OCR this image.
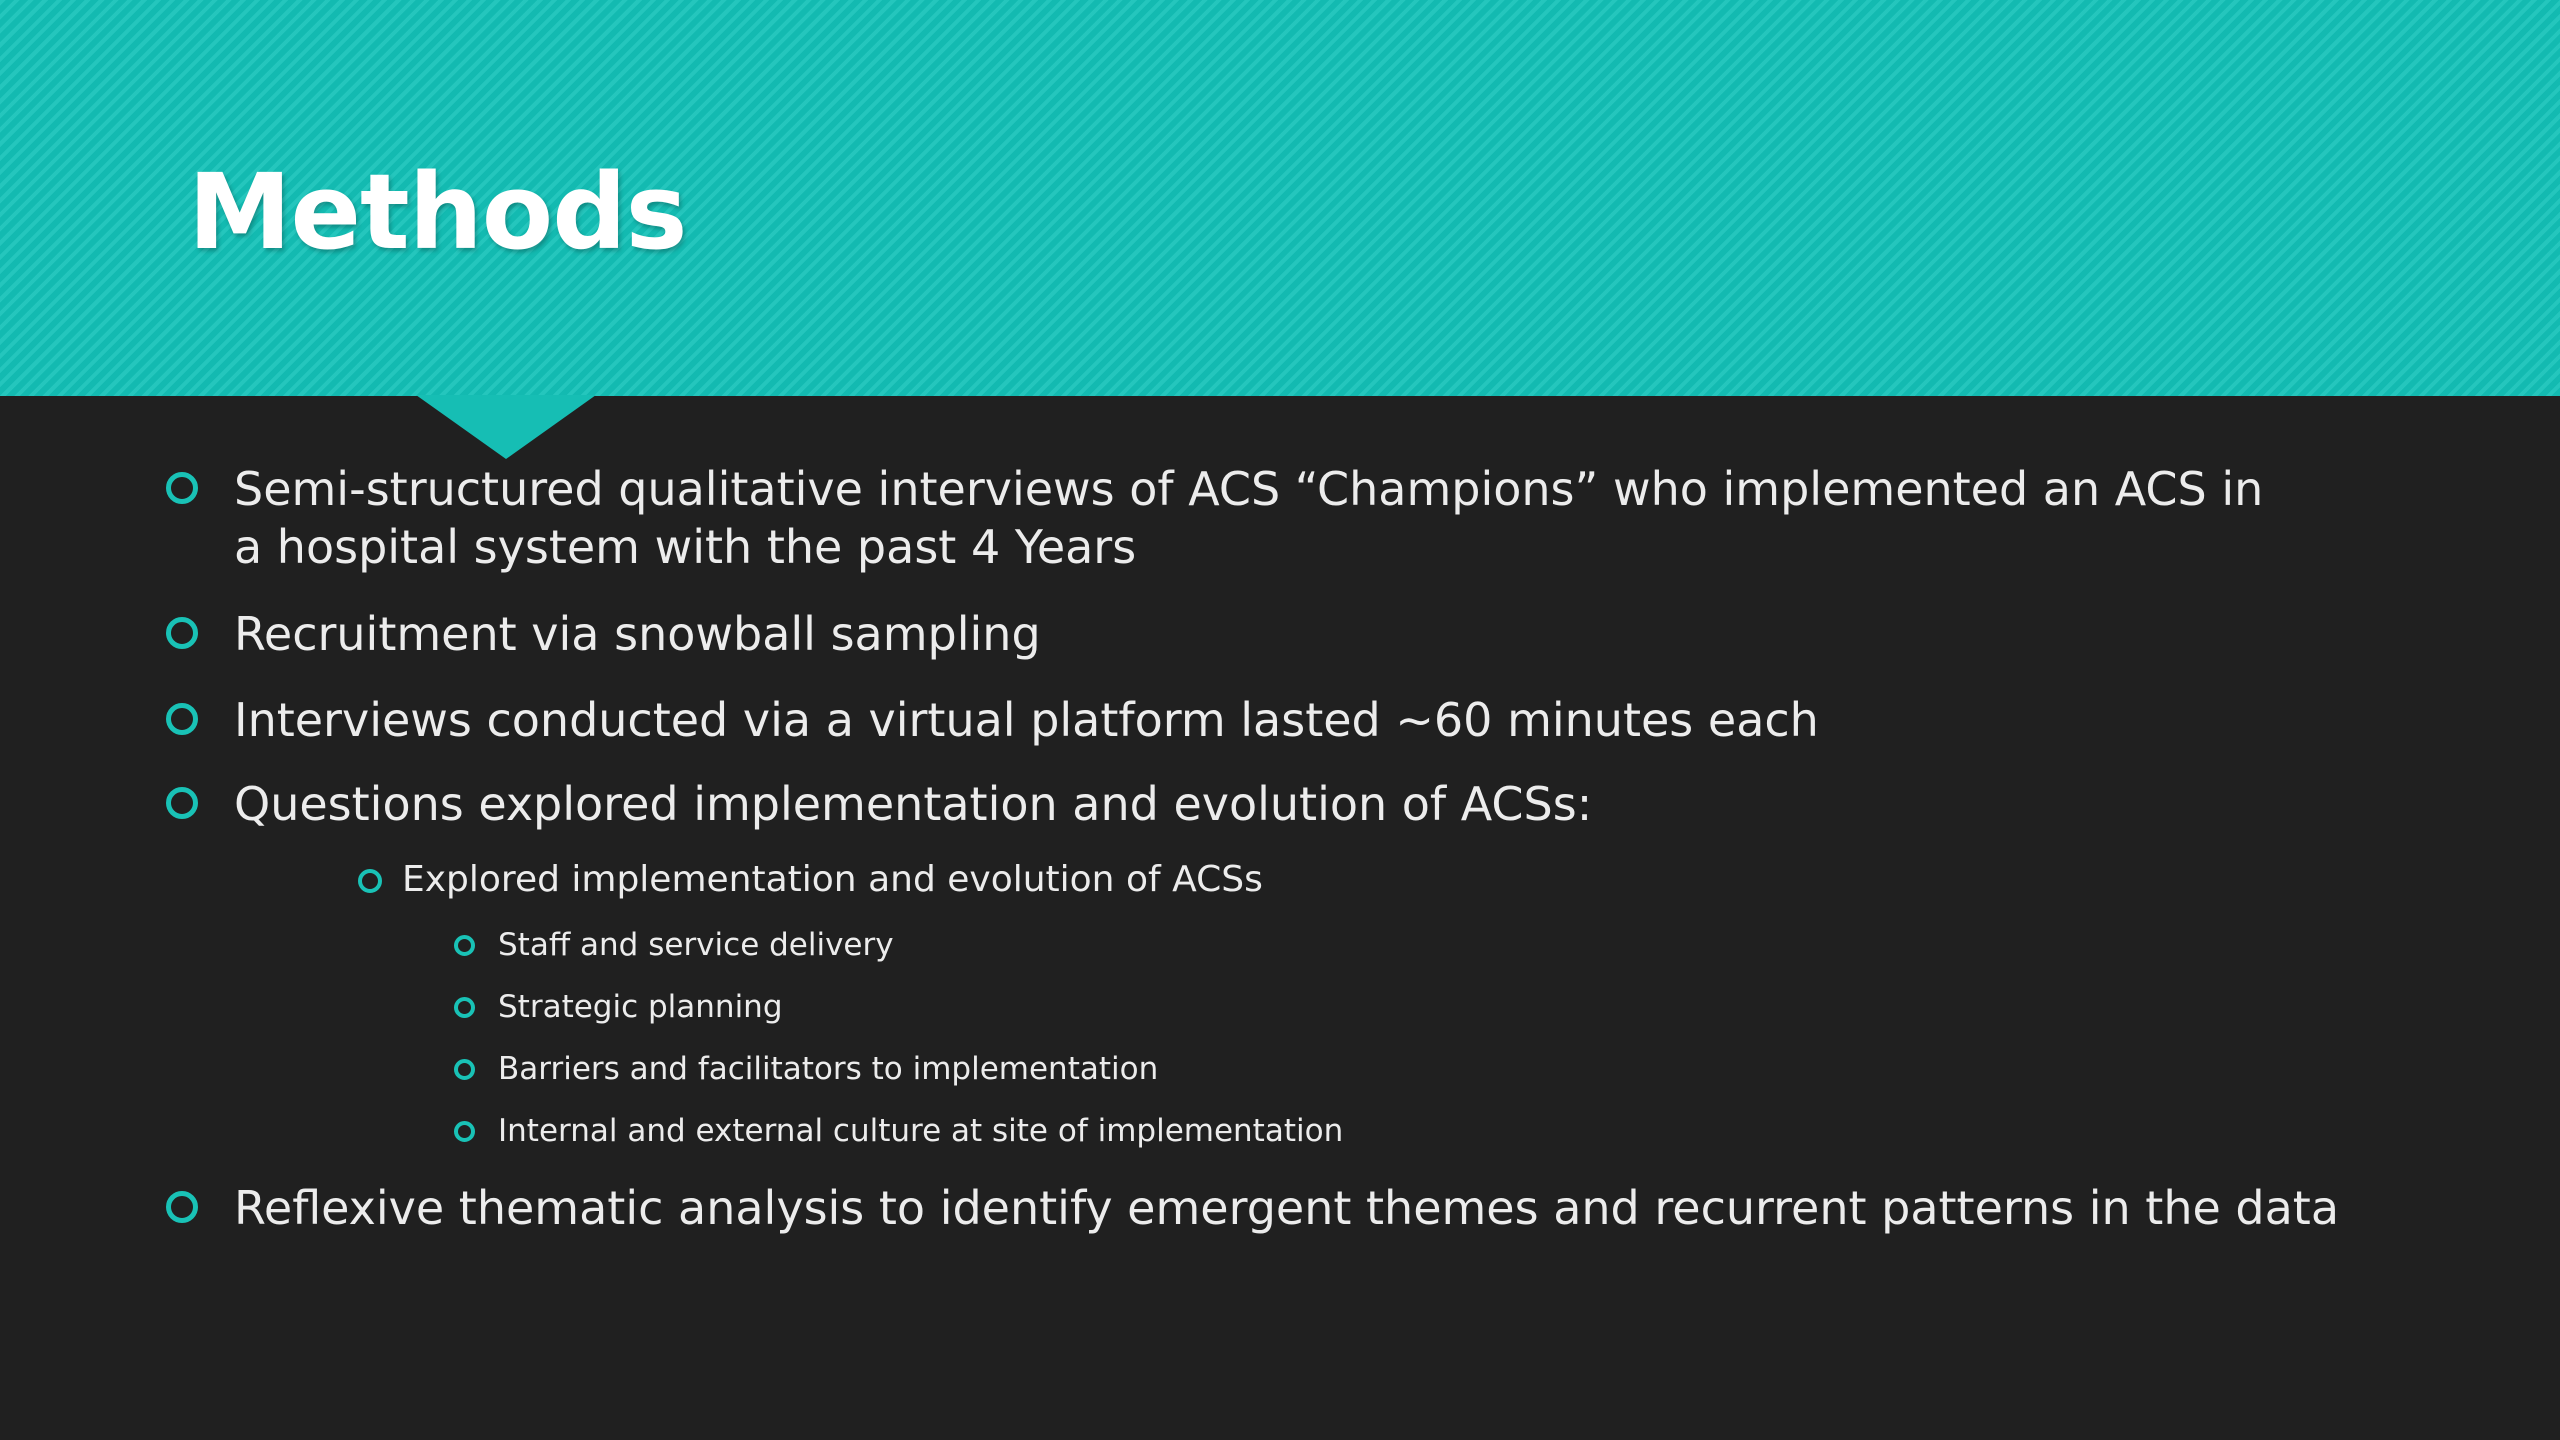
Methods
Semi-structured qualitative interviews of ACS “Champions” who implemented an ACS in
a hospital system with the past 4 Years
Recruitment via snowball sampling
Interviews conducted via a virtual platform lasted ~60 minutes each
Questions explored implementation and evolution of ACSs:
Explored implementation and evolution of ACSs
Staff and service delivery
Strategic planning
Barriers and facilitators to implementation
Internal and external culture at site of implementation
Reflexive thematic analysis to identify emergent themes and recurrent patterns in the data
